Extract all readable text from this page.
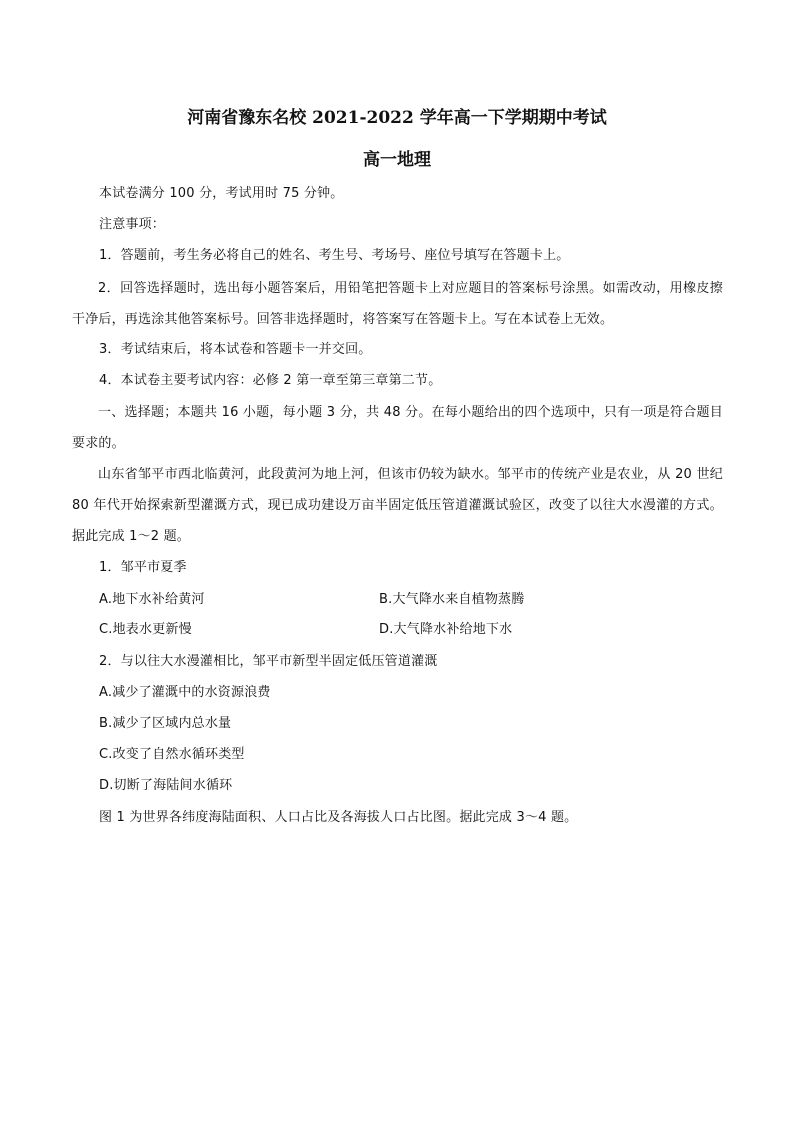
河南省豫东名校 2021-2022 学年高一下学期期中考试
高一地理
本试卷满分 100 分，考试用时 75 分钟。
注意事项：
1．答题前，考生务必将自己的姓名、考生号、考场号、座位号填写在答题卡上。
2．回答选择题时，选出每小题答案后，用铅笔把答题卡上对应题目的答案标号涂黑。如需改动，用橡皮擦干净后，再选涂其他答案标号。回答非选择题时，将答案写在答题卡上。写在本试卷上无效。
3．考试结束后，将本试卷和答题卡一并交回。
4．本试卷主要考试内容：必修 2 第一章至第三章第二节。
一、选择题；本题共 16 小题，每小题 3 分，共 48 分。在每小题给出的四个选项中，只有一项是符合题目要求的。
山东省邹平市西北临黄河，此段黄河为地上河，但该市仍较为缺水。邹平市的传统产业是农业，从 20 世纪 80 年代开始探索新型灌溉方式，现已成功建设万亩半固定低压管道灌溉试验区，改变了以往大水漫灌的方式。据此完成 1～2 题。
1．邹平市夏季
A.地下水补给黄河	B.大气降水来自植物蒸腾
C.地表水更新慢	D.大气降水补给地下水
2．与以往大水漫灌相比，邹平市新型半固定低压管道灌溉
A.减少了灌溉中的水资源浪费
B.减少了区域内总水量
C.改变了自然水循环类型
D.切断了海陆间水循环
图 1 为世界各纬度海陆面积、人口占比及各海拔人口占比图。据此完成 3～4 题。
